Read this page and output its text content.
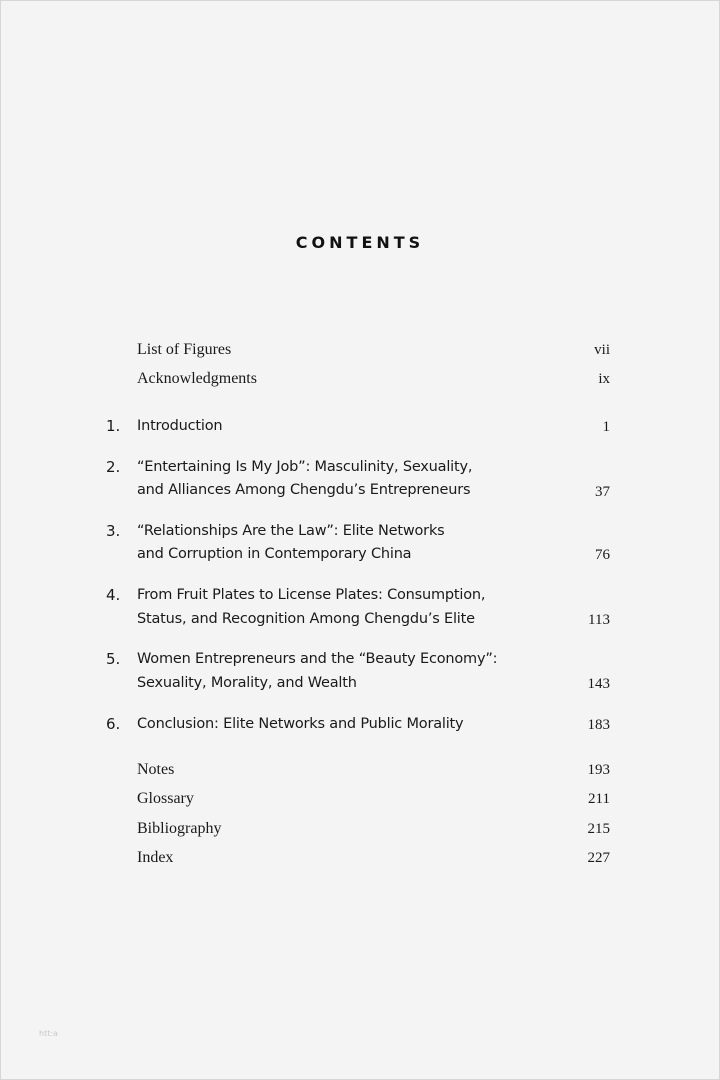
CONTENTS
List of Figures	vii
Acknowledgments	ix
1. Introduction	1
2. “Entertaining Is My Job”: Masculinity, Sexuality,
and Alliances Among Chengdu’s Entrepreneurs	37
3. “Relationships Are the Law”: Elite Networks
and Corruption in Contemporary China	76
4. From Fruit Plates to License Plates: Consumption,
Status, and Recognition Among Chengdu’s Elite	113
5. Women Entrepreneurs and the “Beauty Economy”:
Sexuality, Morality, and Wealth	143
6. Conclusion: Elite Networks and Public Morality	183
Notes	193
Glossary	211
Bibliography	215
Index	227
htt:a
